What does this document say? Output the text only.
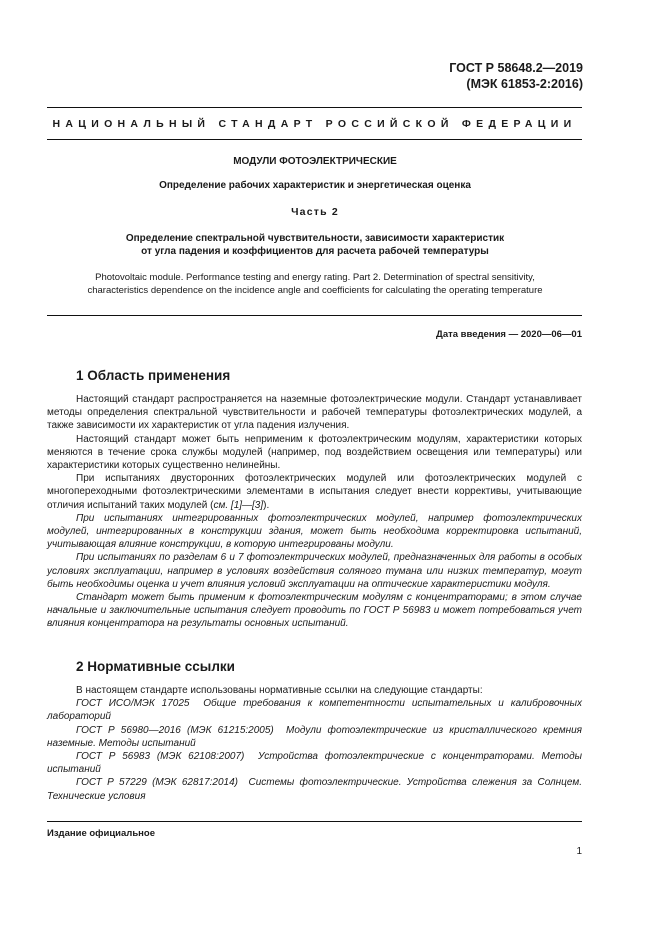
ГОСТ Р 58648.2—2019
(МЭК 61853-2:2016)
НАЦИОНАЛЬНЫЙ СТАНДАРТ РОССИЙСКОЙ ФЕДЕРАЦИИ
МОДУЛИ ФОТОЭЛЕКТРИЧЕСКИЕ
Определение рабочих характеристик и энергетическая оценка
Часть 2
Определение спектральной чувствительности, зависимости характеристик
от угла падения и коэффициентов для расчета рабочей температуры
Photovoltaic module. Performance testing and energy rating. Part 2. Determination of spectral sensitivity,
characteristics dependence on the incidence angle and coefficients for calculating the operating temperature
Дата введения — 2020—06—01
1 Область применения

Настоящий стандарт распространяется на наземные фотоэлектрические модули. Стандарт устанавливает методы определения спектральной чувствительности и рабочей температуры фотоэлектрических модулей, а также зависимости их характеристик от угла падения излучения.

Настоящий стандарт может быть неприменим к фотоэлектрическим модулям, характеристики которых меняются в течение срока службы модулей (например, под воздействием освещения или температуры) или характеристики которых существенно нелинейны.

При испытаниях двусторонних фотоэлектрических модулей или фотоэлектрических модулей с многопереходными фотоэлектрическими элементами в испытания следует внести коррективы, учитывающие отличия испытаний таких модулей (см. [1]—[3]).

При испытаниях интегрированных фотоэлектрических модулей, например фотоэлектрических модулей, интегрированных в конструкции здания, может быть необходима корректировка испытаний, учитывающая влияние конструкции, в которую интегрированы модули.

При испытаниях по разделам 6 и 7 фотоэлектрических модулей, предназначенных для работы в особых условиях эксплуатации, например в условиях воздействия соляного тумана или низких температур, могут быть необходимы оценка и учет влияния условий эксплуатации на оптические характеристики модуля.

Стандарт может быть применим к фотоэлектрическим модулям с концентраторами; в этом случае начальные и заключительные испытания следует проводить по ГОСТ Р 56983 и может потребоваться учет влияния концентратора на результаты основных испытаний.

2 Нормативные ссылки

В настоящем стандарте использованы нормативные ссылки на следующие стандарты:

ГОСТ ИСО/МЭК 17025 Общие требования к компетентности испытательных и калибровочных лабораторий

ГОСТ Р 56980—2016 (МЭК 61215:2005) Модули фотоэлектрические из кристаллического кремния наземные. Методы испытаний

ГОСТ Р 56983 (МЭК 62108:2007) Устройства фотоэлектрические с концентраторами. Методы испытаний

ГОСТ Р 57229 (МЭК 62817:2014) Системы фотоэлектрические. Устройства слежения за Солнцем. Технические условия

Издание официальное
1
